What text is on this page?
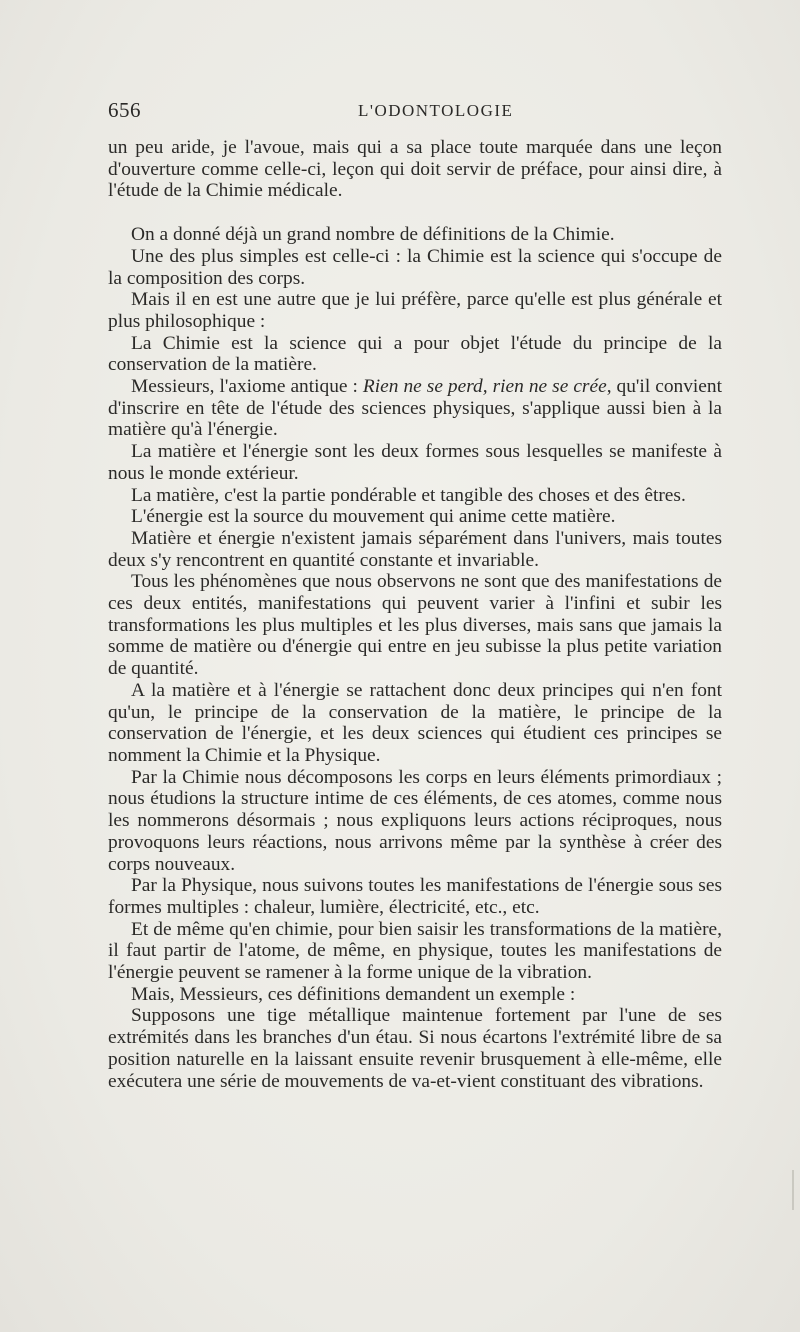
656	L'ODONTOLOGIE

un peu aride, je l'avoue, mais qui a sa place toute marquée dans une leçon d'ouverture comme celle-ci, leçon qui doit servir de préface, pour ainsi dire, à l'étude de la Chimie médicale.

On a donné déjà un grand nombre de définitions de la Chimie.

Une des plus simples est celle-ci : la Chimie est la science qui s'occupe de la composition des corps.

Mais il en est une autre que je lui préfère, parce qu'elle est plus générale et plus philosophique :

La Chimie est la science qui a pour objet l'étude du principe de la conservation de la matière.

Messieurs, l'axiome antique : Rien ne se perd, rien ne se crée, qu'il convient d'inscrire en tête de l'étude des sciences physiques, s'applique aussi bien à la matière qu'à l'énergie.

La matière et l'énergie sont les deux formes sous lesquelles se manifeste à nous le monde extérieur.

La matière, c'est la partie pondérable et tangible des choses et des êtres.

L'énergie est la source du mouvement qui anime cette matière.

Matière et énergie n'existent jamais séparément dans l'univers, mais toutes deux s'y rencontrent en quantité constante et invariable.

Tous les phénomènes que nous observons ne sont que des manifestations de ces deux entités, manifestations qui peuvent varier à l'infini et subir les transformations les plus multiples et les plus diverses, mais sans que jamais la somme de matière ou d'énergie qui entre en jeu subisse la plus petite variation de quantité.

A la matière et à l'énergie se rattachent donc deux principes qui n'en font qu'un, le principe de la conservation de la matière, le principe de la conservation de l'énergie, et les deux sciences qui étudient ces principes se nomment la Chimie et la Physique.

Par la Chimie nous décomposons les corps en leurs éléments primordiaux ; nous étudions la structure intime de ces éléments, de ces atomes, comme nous les nommerons désormais ; nous expliquons leurs actions réciproques, nous provoquons leurs réactions, nous arrivons même par la synthèse à créer des corps nouveaux.

Par la Physique, nous suivons toutes les manifestations de l'énergie sous ses formes multiples : chaleur, lumière, électricité, etc., etc.

Et de même qu'en chimie, pour bien saisir les transformations de la matière, il faut partir de l'atome, de même, en physique, toutes les manifestations de l'énergie peuvent se ramener à la forme unique de la vibration.

Mais, Messieurs, ces définitions demandent un exemple :

Supposons une tige métallique maintenue fortement par l'une de ses extrémités dans les branches d'un étau. Si nous écartons l'extrémité libre de sa position naturelle en la laissant ensuite revenir brusquement à elle-même, elle exécutera une série de mouvements de va-et-vient constituant des vibrations.
